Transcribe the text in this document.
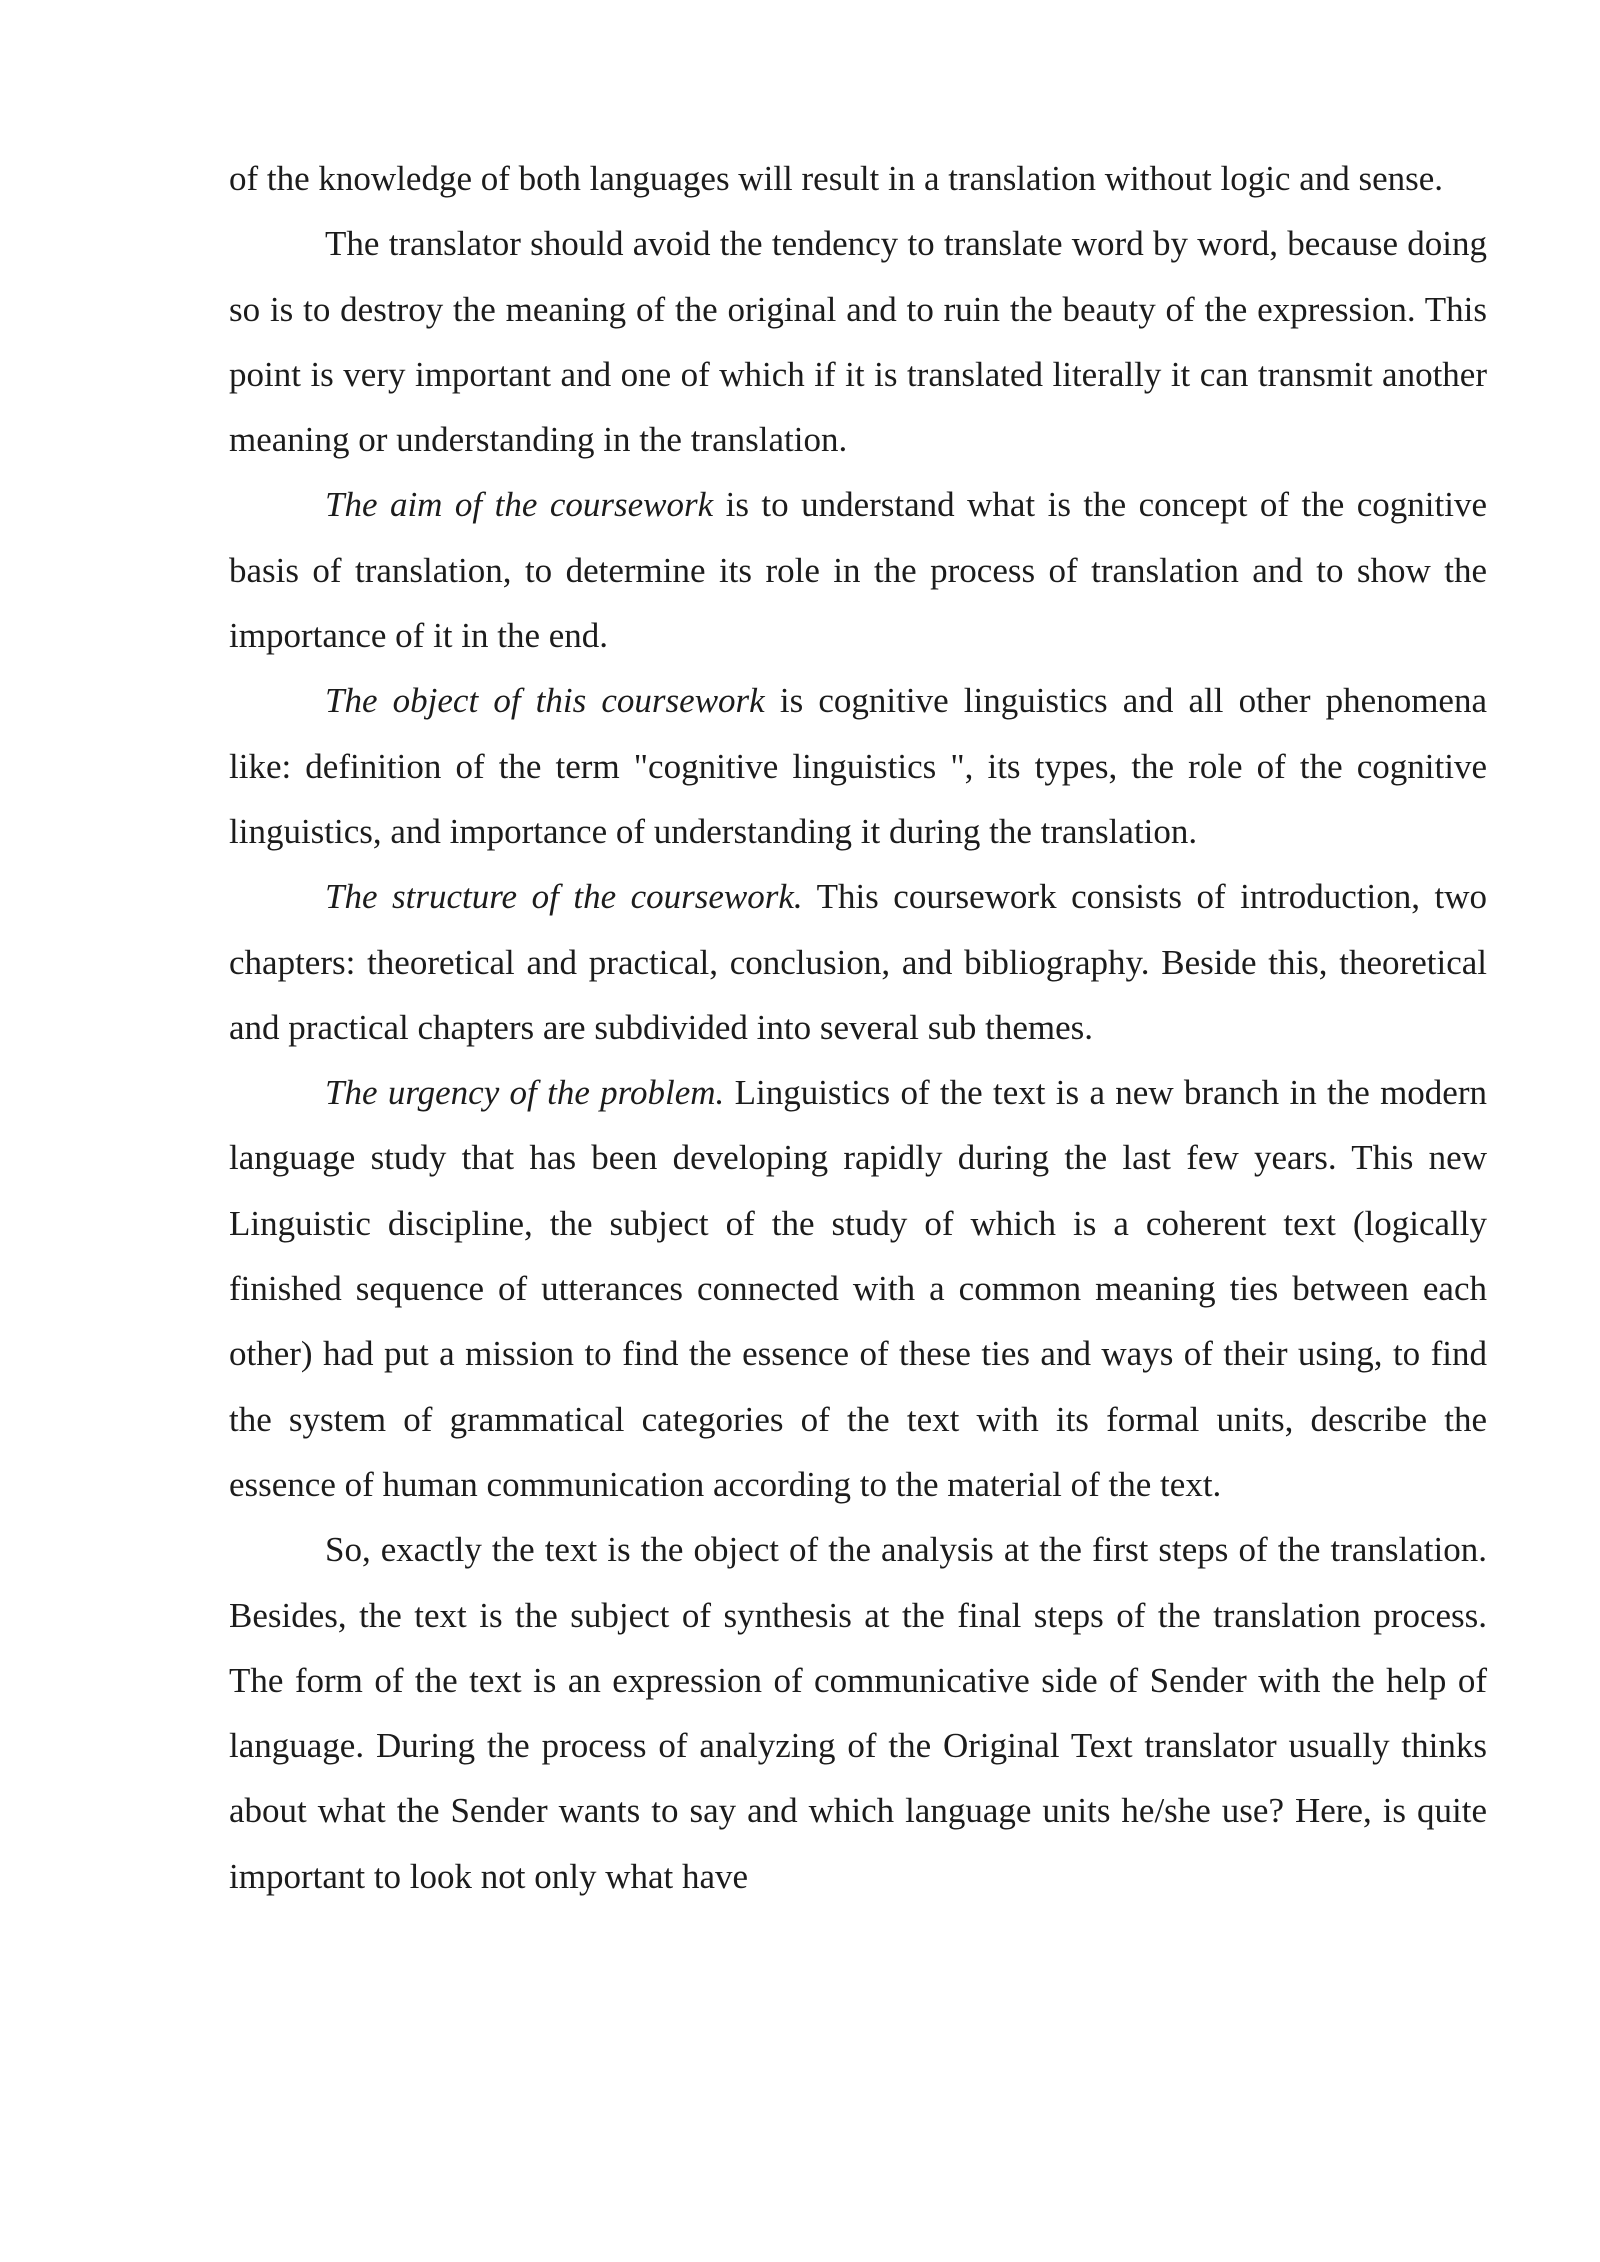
of the knowledge of both languages will result in a translation without logic and sense.

The translator should avoid the tendency to translate word by word, because doing so is to destroy the meaning of the original and to ruin the beauty of the expression. This point is very important and one of which if it is translated literally it can transmit another meaning or understanding in the translation.

The aim of the coursework is to understand what is the concept of the cognitive basis of translation, to determine its role in the process of translation and to show the importance of it in the end.

The object of this coursework is cognitive linguistics and all other phenomena like: definition of the term "cognitive linguistics ", its types, the role of the cognitive linguistics, and importance of understanding it during the translation.

The structure of the coursework. This coursework consists of introduction, two chapters: theoretical and practical, conclusion, and bibliography. Beside this, theoretical and practical chapters are subdivided into several sub themes.

The urgency of the problem. Linguistics of the text is a new branch in the modern language study that has been developing rapidly during the last few years. This new Linguistic discipline, the subject of the study of which is a coherent text (logically finished sequence of utterances connected with a common meaning ties between each other) had put a mission to find the essence of these ties and ways of their using, to find the system of grammatical categories of the text with its formal units, describe the essence of human communication according to the material of the text.

So, exactly the text is the object of the analysis at the first steps of the translation. Besides, the text is the subject of synthesis at the final steps of the translation process. The form of the text is an expression of communicative side of Sender with the help of language. During the process of analyzing of the Original Text translator usually thinks about what the Sender wants to say and which language units he/she use? Here, is quite important to look not only what have
